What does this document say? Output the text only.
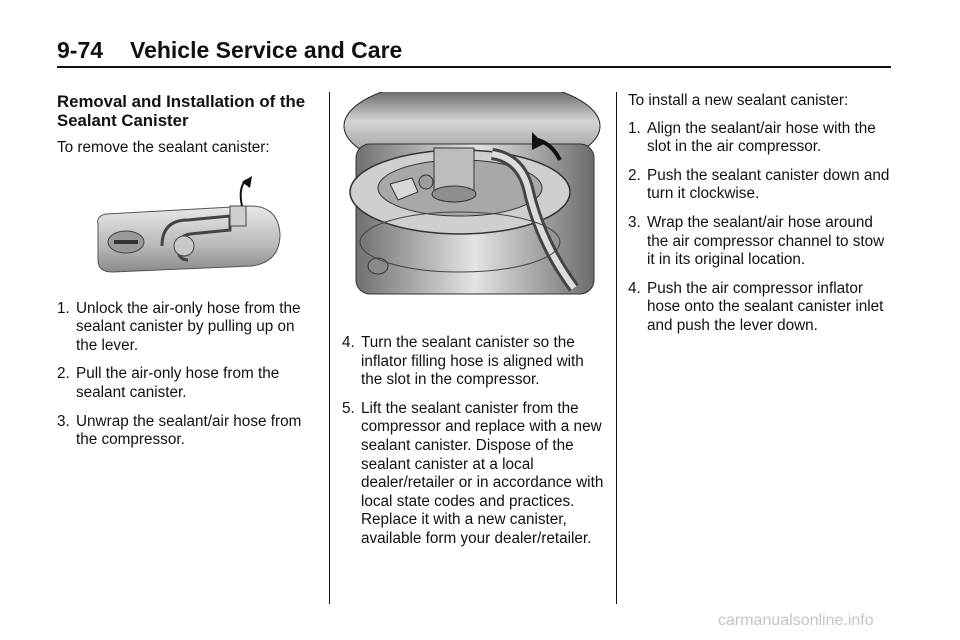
9-74 Vehicle Service and Care
Removal and Installation of the Sealant Canister

To remove the sealant canister:

1. Unlock the air-only hose from the sealant canister by pulling up on the lever.
2. Pull the air-only hose from the sealant canister.
3. Unwrap the sealant/air hose from the compressor.
4. Turn the sealant canister so the inflator filling hose is aligned with the slot in the compressor.
5. Lift the sealant canister from the compressor and replace with a new sealant canister. Dispose of the sealant canister at a local dealer/retailer or in accordance with local state codes and practices. Replace it with a new canister, available form your dealer/retailer.

To install a new sealant canister:

1. Align the sealant/air hose with the slot in the air compressor.
2. Push the sealant canister down and turn it clockwise.
3. Wrap the sealant/air hose around the air compressor channel to stow it in its original location.
4. Push the air compressor inflator hose onto the sealant canister inlet and push the lever down.
carmanualsonline.info
